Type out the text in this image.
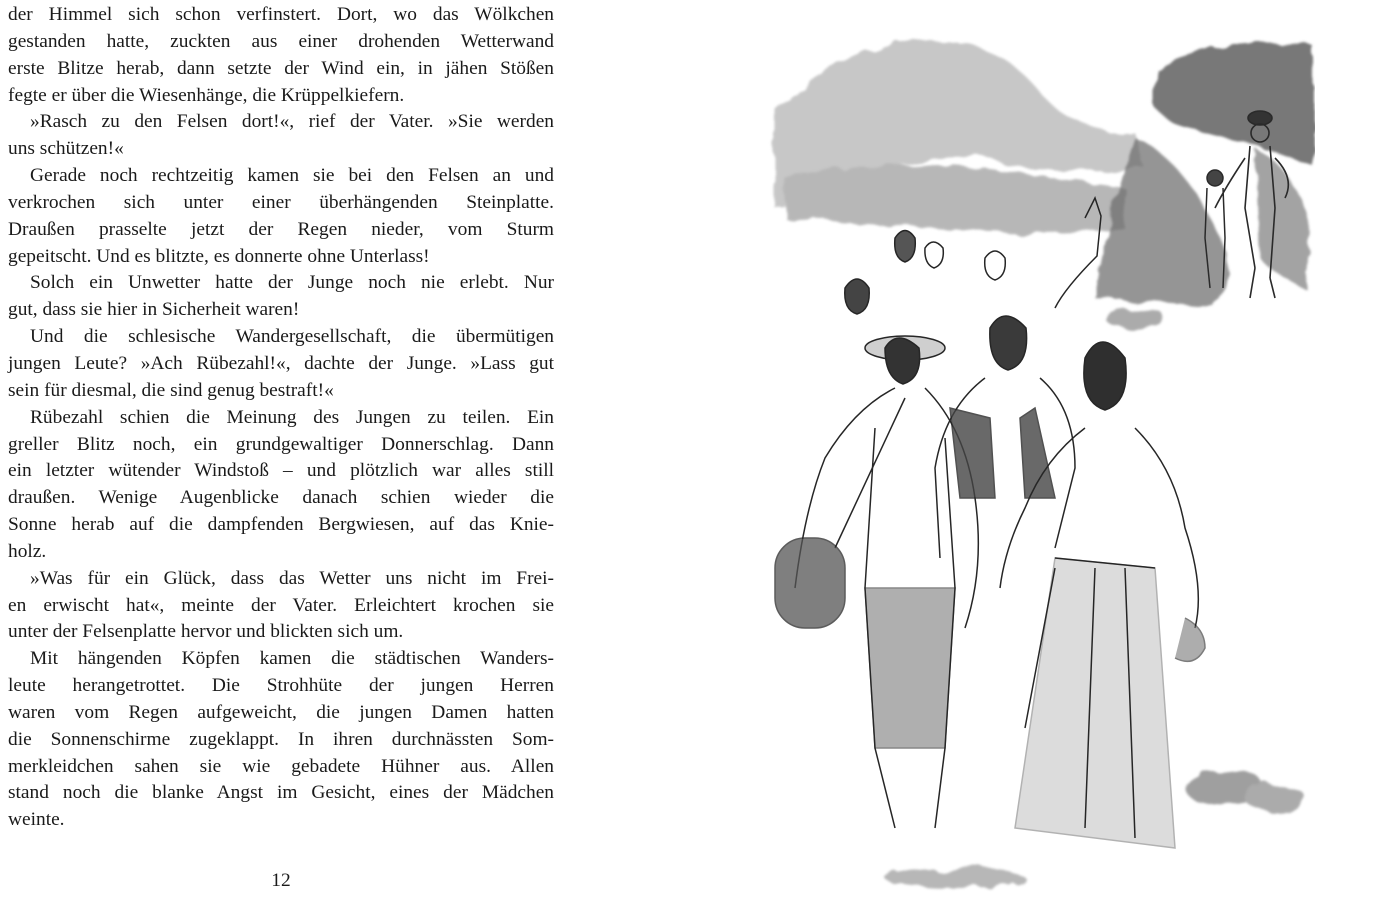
der Himmel sich schon verfinstert. Dort, wo das Wölkchen

gestanden hatte, zuckten aus einer drohenden Wetterwand

erste Blitze herab, dann setzte der Wind ein, in jähen Stößen

fegte er über die Wiesenhänge, die Krüppelkiefern.

»Rasch zu den Felsen dort!«, rief der Vater. »Sie werden

uns schützen!«

Gerade noch rechtzeitig kamen sie bei den Felsen an und

verkrochen sich unter einer überhängenden Steinplatte.

Draußen prasselte jetzt der Regen nieder, vom Sturm

gepeitscht. Und es blitzte, es donnerte ohne Unterlass!

Solch ein Unwetter hatte der Junge noch nie erlebt. Nur

gut, dass sie hier in Sicherheit waren!

Und die schlesische Wandergesellschaft, die übermütigen

jungen Leute? »Ach Rübezahl!«, dachte der Junge. »Lass gut

sein für diesmal, die sind genug bestraft!«

Rübezahl schien die Meinung des Jungen zu teilen. Ein

greller Blitz noch, ein grundgewaltiger Donnerschlag. Dann

ein letzter wütender Windstoß – und plötzlich war alles still

draußen. Wenige Augenblicke danach schien wieder die

Sonne herab auf die dampfenden Bergwiesen, auf das Knie-

holz.

»Was für ein Glück, dass das Wetter uns nicht im Frei-

en erwischt hat«, meinte der Vater. Erleichtert krochen sie

unter der Felsenplatte hervor und blickten sich um.

Mit hängenden Köpfen kamen die städtischen Wanders-

leute herangetrottet. Die Strohhüte der jungen Herren

waren vom Regen aufgeweicht, die jungen Damen hatten

die Sonnenschirme zugeklappt. In ihren durchnässten Som-

merkleidchen sahen sie wie gebadete Hühner aus. Allen

stand noch die blanke Angst im Gesicht, eines der Mädchen

weinte.

12
